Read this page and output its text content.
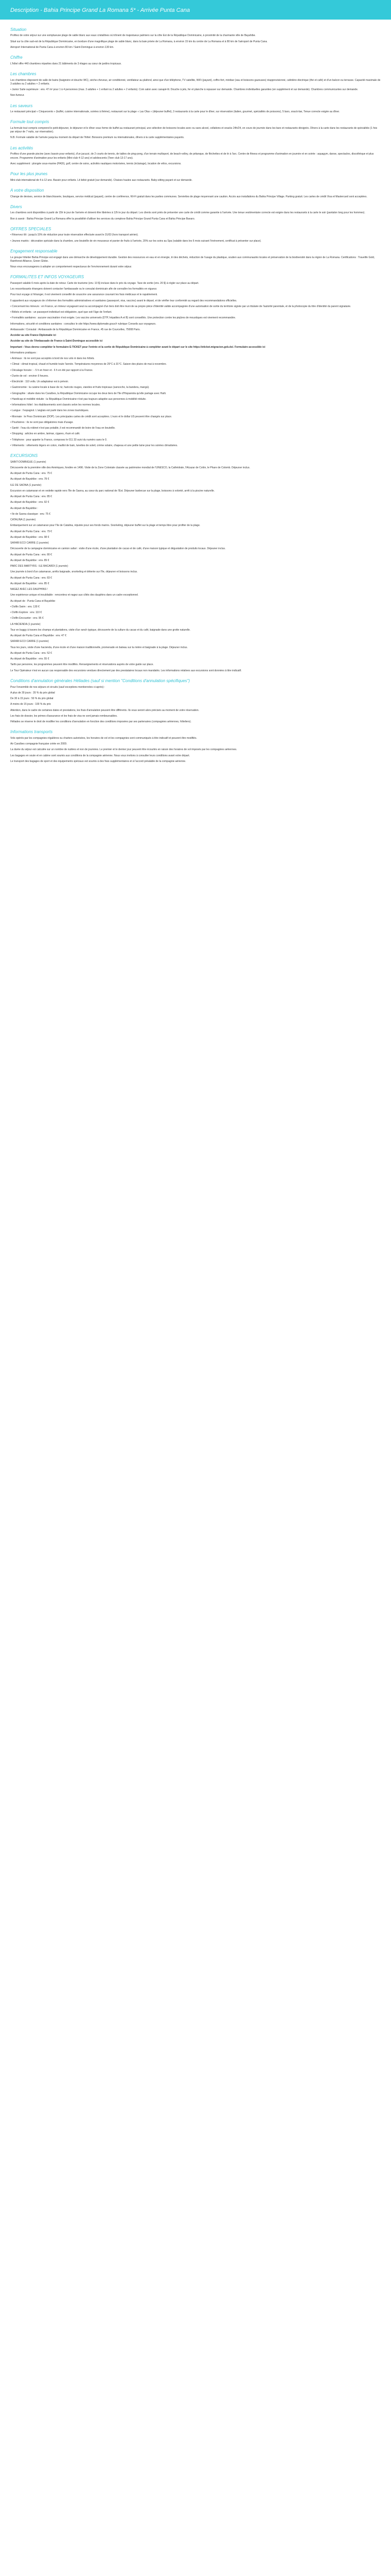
Description - Bahia Principe Grand La Romana 5* - Arrivée Punta Cana
Situation

Profitez de votre séjour sur une somptueuse plage de sable blanc aux eaux cristallines où trônent de majestueux palmiers sur la côte Est de la République Dominicaine, à proximité de la charmante ville de Bayahibe.

Situé sur la côte sud-est de la République Dominicaine, en bordure d'une magnifique plage de sable blanc, dans la baie privée de La Romana, à environ 15 km du centre de La Romana et à 80 km de l'aéroport de Punta Cana.

Aéroport International de Punta Cana à environ 80 km / Saint-Domingue à environ 130 km.

Chiffre

L'hôtel offre 440 chambres réparties dans 21 bâtiments de 3 étages au cœur de jardins tropicaux.

Les chambres

Les chambres disposent de salle de bains (baignoire et douche WC), sèche-cheveux, air conditionné, ventilateur au plafond, ainsi que d'un téléphone, TV satellite, WiFi (payant), coffre-fort, minibar (eau et boissons gazeuses) réapprovisionné, cafetière électrique (thé et café) et d'un balcon ou terrasse. Capacité maximale de 3 adultes ou 2 adultes + 2 enfants.

• Junior Suite supérieure : env. 47 m² pour 1 à 4 personnes (max. 3 adultes + 1 enfant ou 2 adultes + 2 enfants). Coin salon avec canapé-lit. Douche à jets, fer et planche à repasser sur demande. Chambres individuelles garanties (en supplément et sur demande). Chambres communicantes sur demande.

Non-fumeur.

Les saveurs

Le restaurant principal « Cinquecento » (buffet, cuisine internationale, soirées à thème), restaurant sur la plage « Las Olas » (déjeuner buffet), 3 restaurants à la carte pour le dîner, sur réservation (italien, gourmet, spécialités de poissons), 5 bars, snack-bar, Tenue correcte exigée au dîner.

Formule tout compris

La formule tout compris comprend le petit-déjeuner, le déjeuner et le dîner sous forme de buffet au restaurant principal, une sélection de boissons locales avec ou sans alcool, collations et snacks 24h/24, en cours de journée dans les bars et restaurants désignés. Dîners à la carte dans les restaurants de spécialités (1 fois par séjour de 7 nuits, sur réservation).

N.B. Formule valable de l'arrivée jusqu'au moment du départ de l'hôtel. Boissons premium ou internationales, dîners à la carte supplémentaires payants.

Les activités

Profitez d'une grande piscine (avec bassin pour enfants), d'un jacuzzi, de 2 courts de tennis, de tables de ping-pong, d'un terrain multisport, de beach-volley, de pétanque, de fléchettes et de tir à l'arc. Centre de fitness et programme d'animation en journée et en soirée : aquagym, danse, spectacles, discothèque et plus encore. Programme d'animation pour les enfants (Mini-club 4-12 ans) et adolescents (Teen club 13-17 ans).

Avec supplément : plongée sous-marine (PADI), golf, centre de soins, activités nautiques motorisées, tennis (éclairage), location de vélos, excursions.

Pour les plus jeunes

Mini-club international de 4 à 12 ans. Bassin pour enfants. Lit bébé gratuit (sur demande). Chaises hautes aux restaurants. Baby-sitting payant et sur demande.

A votre disposition

Change de devises, service de blanchisserie, boutiques, service médical (payant), centre de conférence, Wi-Fi gratuit dans les parties communes. Serviettes de plage moyennant une caution. Accès aux installations du Bahia Principe Village. Parking gratuit. Les cartes de crédit Visa et Mastercard sont acceptées.

Divers

Les chambres sont disponibles à partir de 15h le jour de l'arrivée et doivent être libérées à 12h le jour du départ. Les clients sont priés de présenter une carte de crédit comme garantie à l'arrivée. Une tenue vestimentaire correcte est exigée dans les restaurants à la carte le soir (pantalon long pour les hommes).

Bon à savoir : Bahia Principe Grand La Romana offre la possibilité d'utiliser les services du complexe Bahia Principe Grand Punta Cana et Bahia Principe Bavaro.

OFFRES SPECIALES

• Réservez tôt : jusqu'à 15% de réduction pour toute réservation effectuée avant le 31/03 (hors transport aérien).

• Jeunes mariés : décoration spéciale dans la chambre, une bouteille de vin mousseux et panier de fruits à l'arrivée, 20% sur les soins au Spa (valable dans les 6 mois suivant l'évènement, certificat à présenter sur place).

Engagement responsable

Le groupe hôtelier Bahia Principe est engagé dans une démarche de développement durable. Gestion des ressources en eau et en énergie, tri des déchets, réduction de l'usage du plastique, soutien aux communautés locales et préservation de la biodiversité dans la région de La Romana. Certifications : Travelife Gold, Rainforest Alliance, Green Globe.

Nous vous encourageons à adopter un comportement respectueux de l'environnement durant votre séjour.

FORMALITES ET INFOS VOYAGEURS

Passeport valable 6 mois après la date de retour. Carte de tourisme (env. 10 $) incluse dans le prix du voyage. Taxe de sortie (env. 20 $) à régler sur place au départ.

Les ressortissants étrangers doivent contacter l'ambassade ou le consulat dominicain afin de connaître les formalités en vigueur.

Pour tout voyage à l'étranger, il est vivement conseillé de souscrire une assurance couvrant les frais médicaux et le rapatriement.

Il appartient aux voyageurs de s'informer des formalités administratives et sanitaires (passeport, visa, vaccins) avant le départ, et de vérifier leur conformité au regard des recommandations officielles.

• Concernant les mineurs : en France, un mineur voyageant seul ou accompagné d'un tiers doit être muni de sa propre pièce d'identité valide accompagnée d'une autorisation de sortie du territoire signée par un titulaire de l'autorité parentale, et de la photocopie du titre d'identité du parent signataire.

• Bébés et enfants : un passeport individuel est obligatoire, quel que soit l'âge de l'enfant.

• Formalités sanitaires : aucune vaccination n'est exigée. Les vaccins universels (DTP, hépatites A et B) sont conseillés. Une protection contre les piqûres de moustiques est vivement recommandée.

Informations, sécurité et conditions sanitaires : consultez le site https://www.diplomatie.gouv.fr rubrique Conseils aux voyageurs.

Ambassade / Consulat : Ambassade de la République Dominicaine en France, 45 rue de Courcelles, 75008 Paris.

Accéder au site France Diplomatie ici

Accéder au site de l'Ambassade de France à Saint-Domingue accessible ici

Important : Vous devrez compléter le formulaire E-TICKET pour l'entrée et la sortie de République Dominicaine à compléter avant le départ sur le site https://eticket.migracion.gob.do/. Formulaire accessible ici

Informations pratiques :

• Animaux : ils ne sont pas acceptés à bord de nos vols ni dans les hôtels.

• Climat : climat tropical, chaud et humide toute l'année. Températures moyennes de 25°C à 31°C. Saison des pluies de mai à novembre.

• Décalage horaire : - 5 h en hiver et - 6 h en été par rapport à la France.

• Durée de vol : environ 9 heures.

• Électricité : 110 volts. Un adaptateur est à prévoir.

• Gastronomie : la cuisine locale à base de riz, haricots rouges, viandes et fruits tropicaux (sancocho, la bandera, mangú).

• Géographie : située dans les Caraïbes, la République Dominicaine occupe les deux tiers de l'île d'Hispaniola qu'elle partage avec Haïti.

• Handicap et mobilité réduite : la République Dominicaine n'est pas toujours adaptée aux personnes à mobilité réduite.

• Informations hôtel : les établissements sont classés selon les normes locales.

• Langue : l'espagnol. L'anglais est parlé dans les zones touristiques.

• Monnaie : le Peso Dominicain (DOP). Les principales cartes de crédit sont acceptées. L'euro et le dollar US peuvent être changés sur place.

• Pourboires : ils ne sont pas obligatoires mais d'usage.

• Santé : l'eau du robinet n'est pas potable, il est recommandé de boire de l'eau en bouteille.

• Shopping : articles en ambre, larimar, cigares, rhum et café.

• Téléphone : pour appeler la France, composez le 011 33 suivi du numéro sans le 0.

• Vêtements : vêtements légers en coton, maillot de bain, lunettes de soleil, crème solaire, chapeau et une petite laine pour les soirées climatisées.

EXCURSIONS

SAINT-DOMINGUE (1 journée)

Découverte de la première ville des Amériques, fondée en 1496. Visite de la Zone Coloniale classée au patrimoine mondial de l'UNESCO, la Cathédrale, l'Alcazar de Colón, le Phare de Colomb. Déjeuner inclus.

Au départ de Punta Cana : env. 75 €

Au départ de Bayahibe : env. 78 €

ILE DE SAONA (1 journée)

Excursion en catamaran et en vedette rapide vers l'île de Saona, au cœur du parc national de l'Est. Déjeuner barbecue sur la plage, boissons à volonté, arrêt à la piscine naturelle.

Au départ de Punta Cana : env. 85 €

Au départ de Bayahibe : env. 92 €

Au départ de Bayahibe :

• Ile de Saona classique : env. 75 €

CATALINA (1 journée)

Embarquement sur un catamaran pour l'île de Catalina, réputée pour ses fonds marins. Snorkeling, déjeuner buffet sur la plage et temps libre pour profiter de la plage.

Au départ de Punta Cana : env. 79 €

Au départ de Bayahibe : env. 98 €

SAFARI ECO CARRE (1 journée)

Découverte de la campagne dominicaine en camion safari : visite d'une école, d'une plantation de cacao et de café, d'une maison typique et dégustation de produits locaux. Déjeuner inclus.

Au départ de Punta Cana : env. 80 €

Au départ de Bayahibe : env. 89 €

PARC DES MARTYRS : ILE BACARDI (1 journée)

Une journée à bord d'un catamaran, arrêts baignade, snorkeling et détente sur l'île, déjeuner et boissons inclus.

Au départ de Punta Cana : env. 83 €

Au départ de Bayahibe : env. 85 €

NAGEZ AVEC LES DAUPHINS !

Une expérience unique et inoubliable : rencontrez et nagez aux côtés des dauphins dans un cadre exceptionnel.

Au départ de : Punta Cana et Bayahibe

• Dolfin Swim : env. 130 €

• Dolfin Explore : env. 110 €

• Dolfin Encounter : env. 95 €

LA HACIENDA (1 journée)

Tour en buggy à travers les champs et plantations, visite d'un ranch typique, découverte de la culture du cacao et du café, baignade dans une grotte naturelle.

Au départ de Punta Cana et Bayahibe : env. 47 €

SAFARI ECO CARRE (1 journée)

Tous les jours, visite d'une hacienda, d'une école et d'une maison traditionnelle, promenade en bateau sur la rivière et baignade à la plage. Déjeuner inclus.

Au départ de Punta Cana : env. 52 €

Au départ de Bayahibe : env. 55 €

Tarifs par personne, les programmes peuvent être modifiés. Renseignements et réservations auprès de votre guide sur place.

Le Tour Opérateur n'est en aucun cas responsable des excursions vendues directement par des prestataires locaux non mandatés. Les informations relatives aux excursions sont données à titre indicatif.

Conditions d'annulation générales Héliades (sauf si mention "Conditions d'annulation spécifiques")

Pour l'ensemble de nos séjours et circuits (sauf exceptions mentionnées ci-après) :

A plus de 30 jours : 35 % du prix global

De 30 à 15 jours : 50 % du prix global

A moins de 15 jours : 100 % du prix

Attention, dans le cadre de certaines dates et prestations, les frais d'annulation peuvent être différents. Ils vous seront alors précisés au moment de votre réservation.

Les frais de dossier, les primes d'assurance et les frais de visa ne sont jamais remboursables.

Héliades se réserve le droit de modifier les conditions d'annulation en fonction des conditions imposées par ses partenaires (compagnies aériennes, hôteliers).

Informations transports

Vols opérés par les compagnies régulières ou charters autorisées, les horaires de vol et les compagnies sont communiqués à titre indicatif et peuvent être modifiés.

Air Caraïbes compagnie française créée en 2000.

La durée du séjour est calculée sur un nombre de nuitées et non de journées. Le premier et le dernier jour peuvent être écourtés en raison des horaires de vol imposés par les compagnies aériennes.

Les bagages en soute et en cabine sont soumis aux conditions de la compagnie aérienne. Nous vous invitons à consulter leurs conditions avant votre départ.

Le transport des bagages de sport et des équipements spéciaux est soumis à des frais supplémentaires et à l'accord préalable de la compagnie aérienne.
